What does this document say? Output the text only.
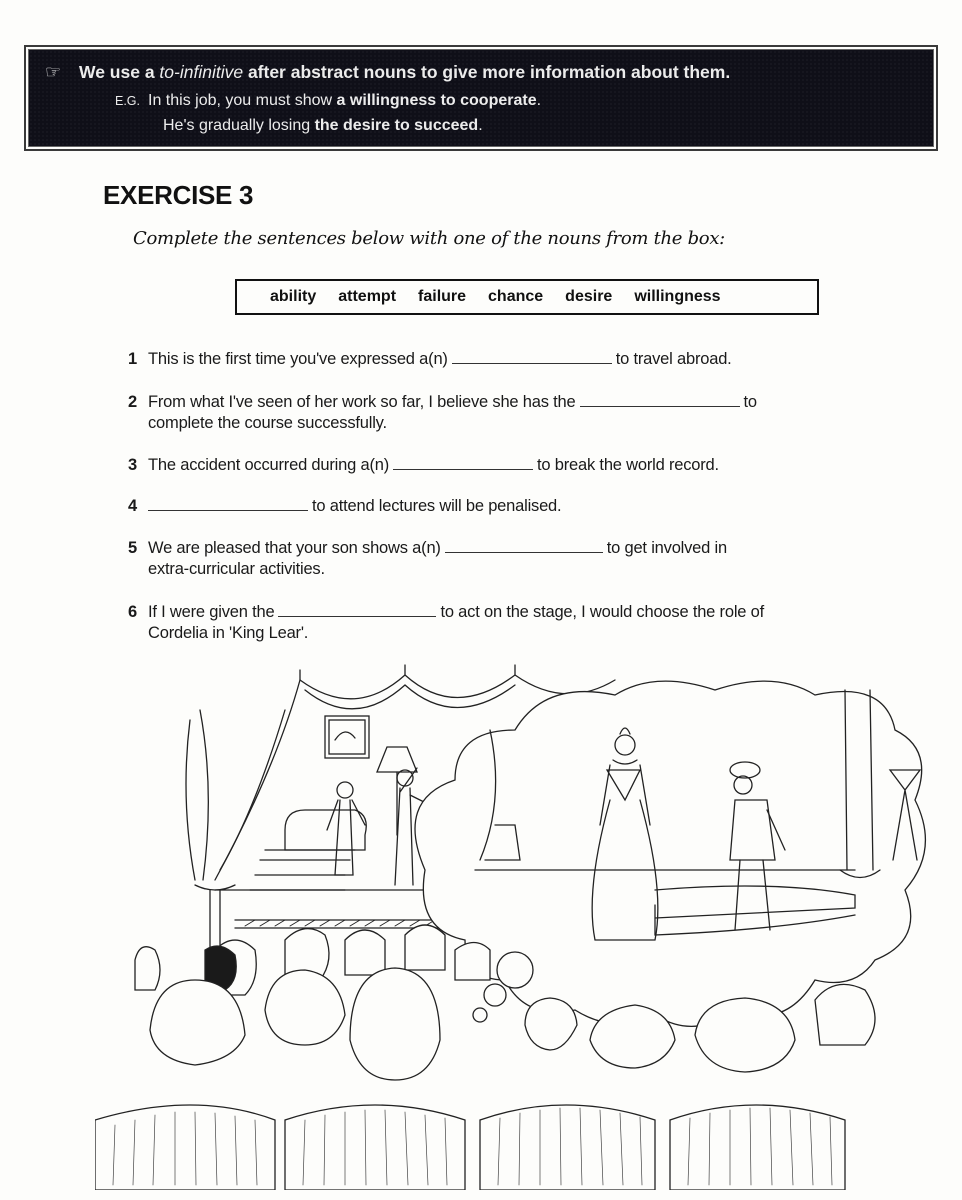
☞ We use a to-infinitive after abstract nouns to give more information about them.
E.G. In this job, you must show a willingness to cooperate.
He's gradually losing the desire to succeed.
EXERCISE 3
Complete the sentences below with one of the nouns from the box:
ability attempt failure chance desire willingness
1 This is the first time you've expressed a(n)	to travel abroad.
2 From what I've seen of her work so far, I believe she has the	to
complete the course successfully.
3 The accident occurred during a(n)	to break the world record.
4	to attend lectures will be penalised.
5 We are pleased that your son shows a(n)	to get involved in
extra-curricular activities.
6 If I were given the	to act on the stage, I would choose the role of
Cordelia in 'King Lear'.
